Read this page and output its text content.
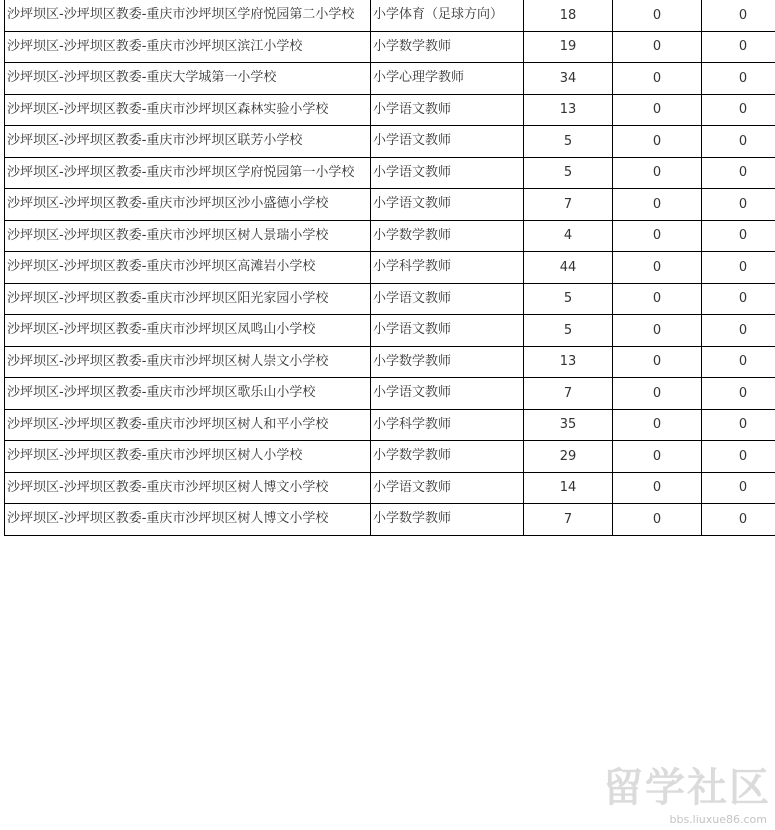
沙坪坝区-沙坪坝区教委-重庆市沙坪坝区学府悦园第二小学校	小学体育（足球方向）	18	0	0
沙坪坝区-沙坪坝区教委-重庆市沙坪坝区滨江小学校	小学数学教师	19	0	0
沙坪坝区-沙坪坝区教委-重庆大学城第一小学校	小学心理学教师	34	0	0
沙坪坝区-沙坪坝区教委-重庆市沙坪坝区森林实验小学校	小学语文教师	13	0	0
沙坪坝区-沙坪坝区教委-重庆市沙坪坝区联芳小学校	小学语文教师	5	0	0
沙坪坝区-沙坪坝区教委-重庆市沙坪坝区学府悦园第一小学校	小学语文教师	5	0	0
沙坪坝区-沙坪坝区教委-重庆市沙坪坝区沙小盛德小学校	小学语文教师	7	0	0
沙坪坝区-沙坪坝区教委-重庆市沙坪坝区树人景瑞小学校	小学数学教师	4	0	0
沙坪坝区-沙坪坝区教委-重庆市沙坪坝区高滩岩小学校	小学科学教师	44	0	0
沙坪坝区-沙坪坝区教委-重庆市沙坪坝区阳光家园小学校	小学语文教师	5	0	0
沙坪坝区-沙坪坝区教委-重庆市沙坪坝区凤鸣山小学校	小学语文教师	5	0	0
沙坪坝区-沙坪坝区教委-重庆市沙坪坝区树人崇文小学校	小学数学教师	13	0	0
沙坪坝区-沙坪坝区教委-重庆市沙坪坝区歌乐山小学校	小学语文教师	7	0	0
沙坪坝区-沙坪坝区教委-重庆市沙坪坝区树人和平小学校	小学科学教师	35	0	0
沙坪坝区-沙坪坝区教委-重庆市沙坪坝区树人小学校	小学数学教师	29	0	0
沙坪坝区-沙坪坝区教委-重庆市沙坪坝区树人博文小学校	小学语文教师	14	0	0
沙坪坝区-沙坪坝区教委-重庆市沙坪坝区树人博文小学校	小学数学教师	7	0	0
留学社区
bbs.liuxue86.com
